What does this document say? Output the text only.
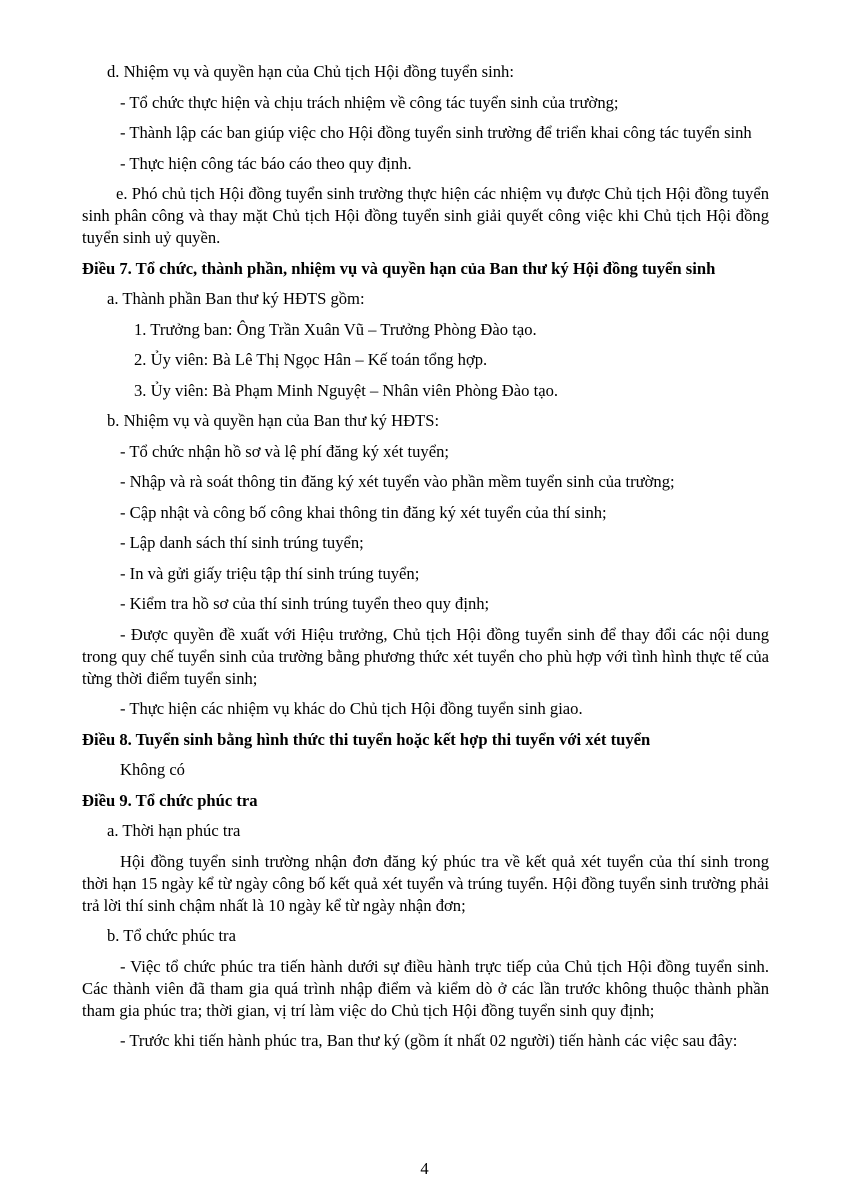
d. Nhiệm vụ và quyền hạn của Chủ tịch Hội đồng tuyển sinh:

- Tổ chức thực hiện và chịu trách nhiệm về công tác tuyển sinh của trường;

- Thành lập các ban giúp việc cho Hội đồng tuyển sinh trường để triển khai công tác tuyển sinh

- Thực hiện công tác báo cáo theo quy định.

e. Phó chủ tịch Hội đồng tuyển sinh trường thực hiện các nhiệm vụ được Chủ tịch Hội đồng tuyển sinh phân công và thay mặt Chủ tịch Hội đồng tuyển sinh giải quyết công việc khi Chủ tịch Hội đồng tuyển sinh uỷ quyền.

Điều 7. Tổ chức, thành phần, nhiệm vụ và quyền hạn của Ban thư ký Hội đồng tuyển sinh

a. Thành phần Ban thư ký HĐTS gồm:

1. Trưởng ban: Ông Trần Xuân Vũ – Trưởng Phòng Đào tạo.

2. Ủy viên: Bà Lê Thị Ngọc Hân – Kế toán tổng hợp.

3. Ủy viên: Bà Phạm Minh Nguyệt – Nhân viên Phòng Đào tạo.

b. Nhiệm vụ và quyền hạn của Ban thư ký HĐTS:

- Tổ chức nhận hồ sơ và lệ phí đăng ký xét tuyển;

- Nhập và rà soát thông tin đăng ký xét tuyển vào phần mềm tuyển sinh của trường;

- Cập nhật và công bố công khai thông tin đăng ký xét tuyển của thí sinh;

- Lập danh sách thí sinh trúng tuyển;

- In và gửi giấy triệu tập thí sinh trúng tuyển;

- Kiểm tra hồ sơ của thí sinh trúng tuyển theo quy định;

- Được quyền đề xuất với Hiệu trưởng, Chủ tịch Hội đồng tuyển sinh để thay đổi các nội dung trong quy chế tuyển sinh của trường bằng phương thức xét tuyển cho phù hợp với tình hình thực tế của từng thời điểm tuyển sinh;

- Thực hiện các nhiệm vụ khác do Chủ tịch Hội đồng tuyển sinh giao.

Điều 8. Tuyển sinh bằng hình thức thi tuyển hoặc kết hợp thi tuyển với xét tuyển

Không có

Điều 9. Tổ chức phúc tra

a. Thời hạn phúc tra

Hội đồng tuyển sinh trường nhận đơn đăng ký phúc tra về kết quả xét tuyển của thí sinh trong thời hạn 15 ngày kể từ ngày công bố kết quả xét tuyển và trúng tuyển. Hội đồng tuyển sinh trường phải trả lời thí sinh chậm nhất là 10 ngày kể từ ngày nhận đơn;

b. Tổ chức phúc tra

- Việc tổ chức phúc tra tiến hành dưới sự điều hành trực tiếp của Chủ tịch Hội đồng tuyển sinh. Các thành viên đã tham gia quá trình nhập điểm và kiểm dò ở các lần trước không thuộc thành phần tham gia phúc tra; thời gian, vị trí làm việc do Chủ tịch Hội đồng tuyển sinh quy định;

- Trước khi tiến hành phúc tra, Ban thư ký (gồm ít nhất 02 người) tiến hành các việc sau đây:

4
